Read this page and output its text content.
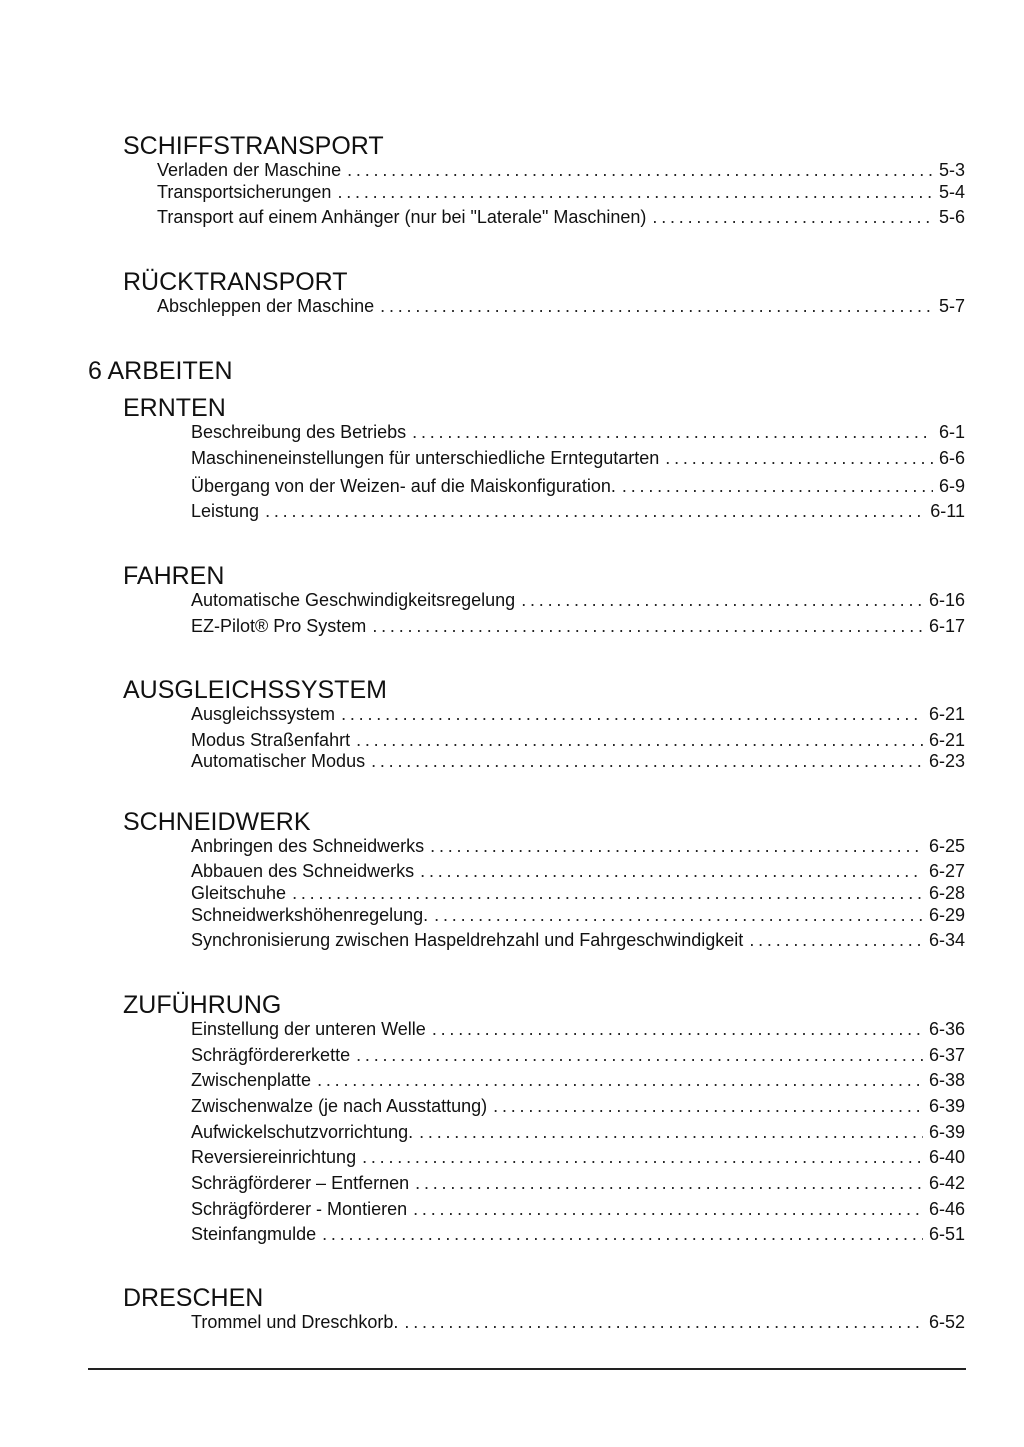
SCHIFFSTRANSPORT
Verladen der Maschine . . .	5-3
Transportsicherungen . . .	5-4
Transport auf einem Anhänger (nur bei "Laterale" Maschinen) . . .	5-6
RÜCKTRANSPORT
Abschleppen der Maschine . . .	5-7
6 ARBEITEN
ERNTEN
Beschreibung des Betriebs . . .	6-1
Maschineneinstellungen für unterschiedliche Erntegutarten . . .	6-6
Übergang von der Weizen- auf die Maiskonfiguration. . . .	6-9
Leistung . . .	6-11
FAHREN
Automatische Geschwindigkeitsregelung . . .	6-16
EZ-Pilot® Pro System . . .	6-17
AUSGLEICHSSYSTEM
Ausgleichssystem . . .	6-21
Modus Straßenfahrt . . .	6-21
Automatischer Modus . . .	6-23
SCHNEIDWERK
Anbringen des Schneidwerks . . .	6-25
Abbauen des Schneidwerks . . .	6-27
Gleitschuhe . . .	6-28
Schneidwerkshöhenregelung. . . .	6-29
Synchronisierung zwischen Haspeldrehzahl und Fahrgeschwindigkeit . . .	6-34
ZUFÜHRUNG
Einstellung der unteren Welle . . .	6-36
Schrägfördererkette . . .	6-37
Zwischenplatte . . .	6-38
Zwischenwalze (je nach Ausstattung) . . .	6-39
Aufwickelschutzvorrichtung. . . .	6-39
Reversiereinrichtung . . .	6-40
Schrägförderer – Entfernen . . .	6-42
Schrägförderer - Montieren . . .	6-46
Steinfangmulde . . .	6-51
DRESCHEN
Trommel und Dreschkorb. . . .	6-52
